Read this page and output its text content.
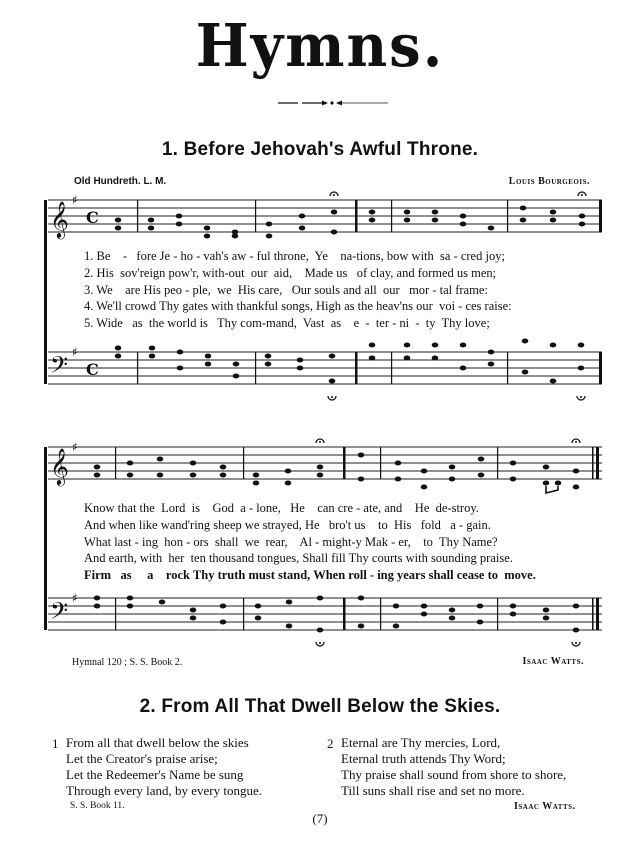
Hymns.
1. Before Jehovah's Awful Throne.
Old Hundreth. L. M.	Louis Bourgeois.
𝄞
𝄢
𝄞
𝄢
♯
♯
♯
♯
C
C
1. Be    -   fore Je - ho - vah's aw - ful throne,  Ye    na-tions, bow with  sa - cred joy;
2. His  sov'reign pow'r, with-out  our  aid,    Made us   of clay, and formed us men;
3. We    are His peo - ple,  we  His care,   Our souls and all  our   mor - tal frame:
4. We'll crowd Thy gates with thankful songs, High as the heav'ns our  voi - ces raise:
5. Wide   as  the world is   Thy com-mand,  Vast  as    e  -  ter - ni  -  ty  Thy love;
Know that the  Lord  is    God  a - lone,   He    can cre - ate, and    He  de-stroy.
And when like wand'ring sheep we strayed, He   bro't us    to  His   fold   a - gain.
What last - ing  hon - ors  shall  we  rear,    Al - might-y Mak - er,    to  Thy Name?
And earth, with  her  ten thousand tongues, Shall fill Thy courts with sounding praise.
Firm   as     a    rock Thy truth must stand, When roll - ing years shall cease to  move.
Hymnal 120 ; S. S. Book 2.	Isaac Watts.
2. From All That Dwell Below the Skies.
1 From all that dwell below the skies
Let the Creator's praise arise;
Let the Redeemer's Name be sung
Through every land, by every tongue.
2 Eternal are Thy mercies, Lord,
Eternal truth attends Thy Word;
Thy praise shall sound from shore to shore,
Till suns shall rise and set no more.
S. S. Book 11.	Isaac Watts.
(7)
